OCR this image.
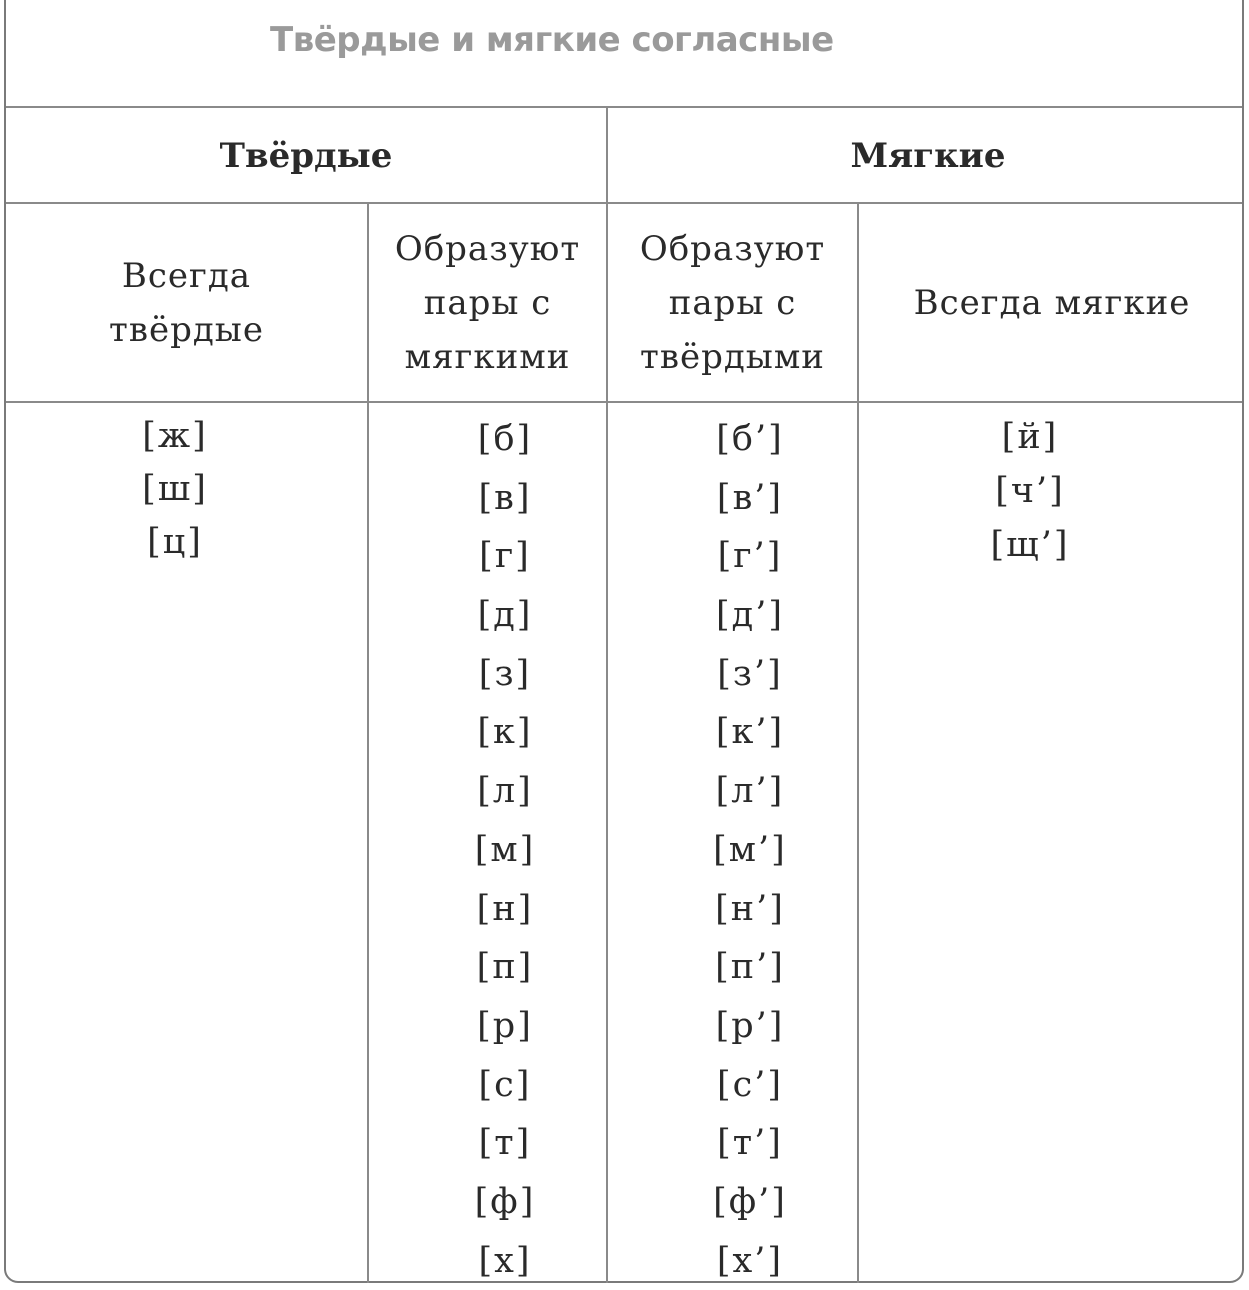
Твёрдые и мягкие согласные
Твёрдые	Мягкие
Всегда
твёрдые
Образуют
пары с
мягкими
Образуют
пары с
твёрдыми
Всегда мягкие
[ж]
[ш]
[ц]
[б]
[в]
[г]
[д]
[з]
[к]
[л]
[м]
[н]
[п]
[р]
[с]
[т]
[ф]
[х]
[б’]
[в’]
[г’]
[д’]
[з’]
[к’]
[л’]
[м’]
[н’]
[п’]
[р’]
[с’]
[т’]
[ф’]
[х’]
[й]
[ч’]
[щ’]
